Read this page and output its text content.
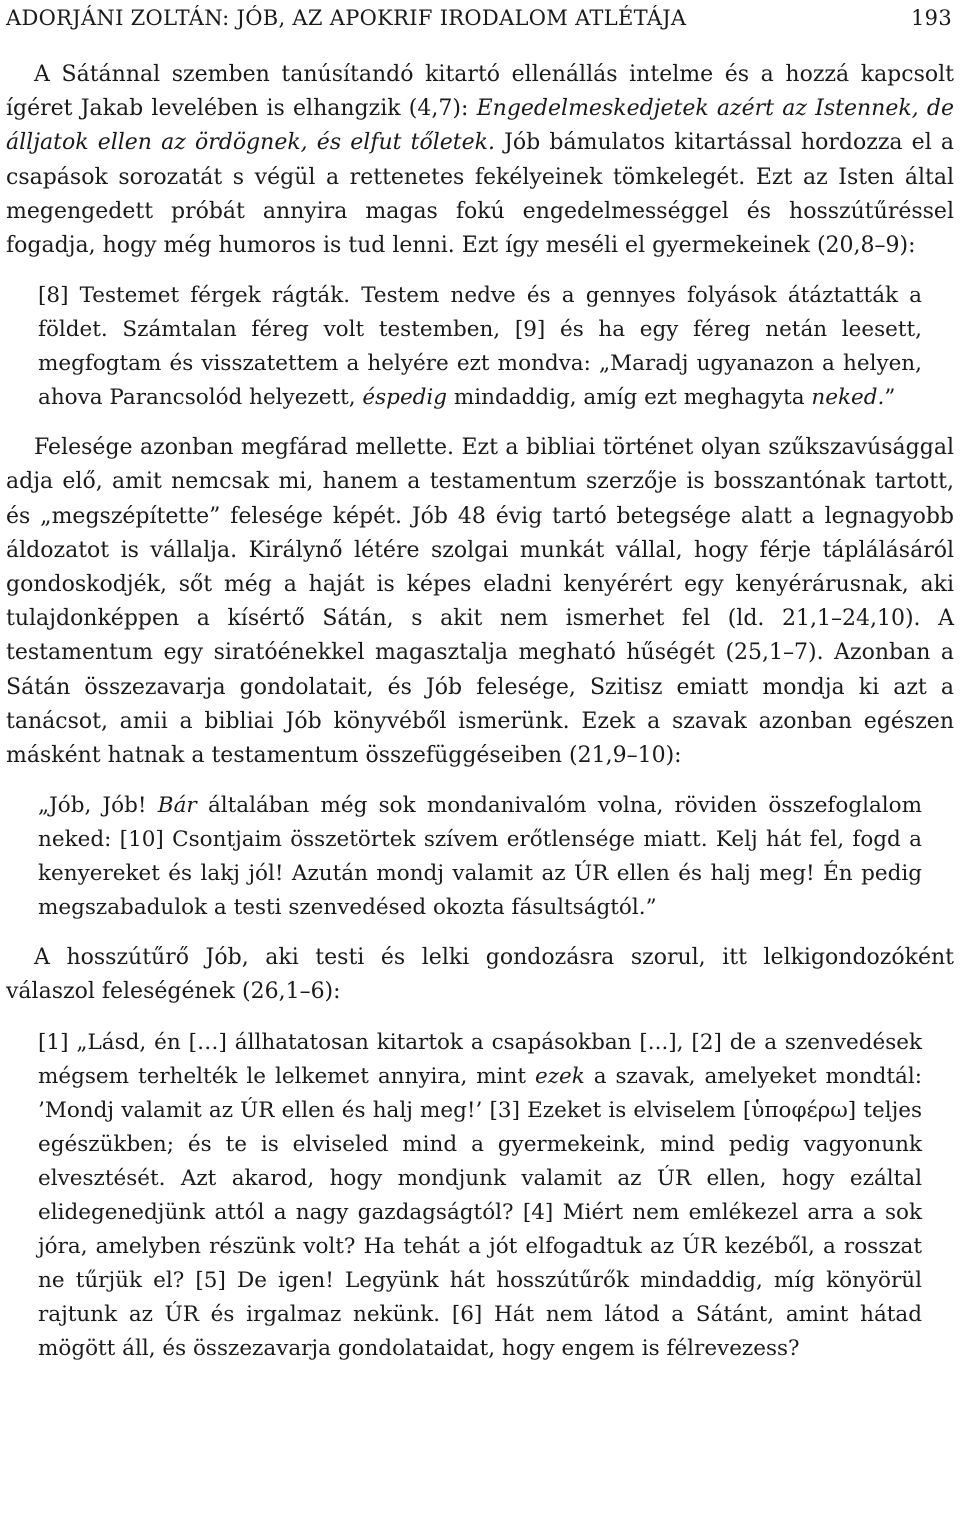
ADORJÁNI ZOLTÁN: JÓB, AZ APOKRIF IRODALOM ATLÉTÁJA	193

A Sátánnal szemben tanúsítandó kitartó ellenállás intelme és a hozzá kapcsolt ígéret Jakab levelében is elhangzik (4,7): Engedelmeskedjetek azért az Istennek, de álljatok ellen az ördögnek, és elfut tőletek. Jób bámulatos kitartással hordozza el a csapások sorozatát s végül a rettenetes fekélyeinek tömkelegét. Ezt az Isten által megengedett próbát annyira magas fokú engedelmességgel és hosszútűréssel fogadja, hogy még humoros is tud lenni. Ezt így meséli el gyermekeinek (20,8–9):

[8] Testemet férgek rágták. Testem nedve és a gennyes folyások átáztatták a földet. Számtalan féreg volt testemben, [9] és ha egy féreg netán leesett, megfogtam és visszatettem a helyére ezt mondva: „Maradj ugyanazon a helyen, ahova Parancsolód helyezett, éspedig mindaddig, amíg ezt meghagyta neked.”

Felesége azonban megfárad mellette. Ezt a bibliai történet olyan szűkszavúsággal adja elő, amit nemcsak mi, hanem a testamentum szerzője is bosszantónak tartott, és „megszépítette” felesége képét. Jób 48 évig tartó betegsége alatt a legnagyobb áldozatot is vállalja. Királynő létére szolgai munkát vállal, hogy férje táplálásáról gondoskodjék, sőt még a haját is képes eladni kenyérért egy kenyérárusnak, aki tulajdonképpen a kísértő Sátán, s akit nem ismerhet fel (ld. 21,1–24,10). A testamentum egy siratóénekkel magasztalja megható hűségét (25,1–7). Azonban a Sátán összezavarja gondolatait, és Jób felesége, Szitisz emiatt mondja ki azt a tanácsot, amii a bibliai Jób könyvéből ismerünk. Ezek a szavak azonban egészen másként hatnak a testamentum összefüggéseiben (21,9–10):

„Jób, Jób! Bár általában még sok mondanivalóm volna, röviden összefoglalom neked: [10] Csontjaim összetörtek szívem erőtlensége miatt. Kelj hát fel, fogd a kenyereket és lakj jól! Azután mondj valamit az ÚR ellen és halj meg! Én pedig megszabadulok a testi szenvedésed okozta fásultságtól.”

A hosszútűrő Jób, aki testi és lelki gondozásra szorul, itt lelkigondozóként válaszol feleségének (26,1–6):

[1] „Lásd, én […] állhatatosan kitartok a csapásokban [...], [2] de a szenvedések mégsem terhelték le lelkemet annyira, mint ezek a szavak, amelyeket mondtál: ’Mondj valamit az ÚR ellen és halj meg!’ [3] Ezeket is elviselem [ὑποφέρω] teljes egészükben; és te is elviseled mind a gyermekeink, mind pedig vagyonunk elvesztését. Azt akarod, hogy mondjunk valamit az ÚR ellen, hogy ezáltal elidegenedjünk attól a nagy gazdagságtól? [4] Miért nem emlékezel arra a sok jóra, amelyben részünk volt? Ha tehát a jót elfogadtuk az ÚR kezéből, a rosszat ne tűrjük el? [5] De igen! Legyünk hát hosszútűrők mindaddig, míg könyörül rajtunk az ÚR és irgalmaz nekünk. [6] Hát nem látod a Sátánt, amint hátad mögött áll, és összezavarja gondolataidat, hogy engem is félrevezess?
